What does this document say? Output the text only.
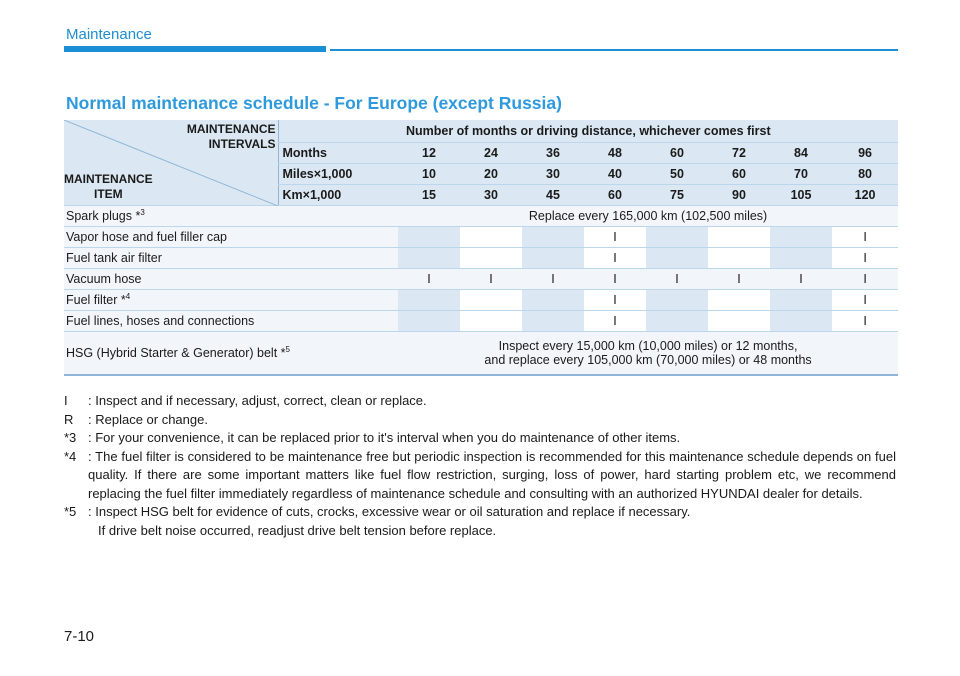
Maintenance
Normal maintenance schedule - For Europe (except Russia)
MAINTENANCE
INTERVALS
MAINTENANCE
ITEM	Number of months or driving distance, whichever comes first								
	Months	12	24	36	48	60	72	84	96
	Miles×1,000	10	20	30	40	50	60	70	80
	Km×1,000	15	30	45	60	75	90	105	120
Spark plugs *$^3$		Replace every 165,000 km (102,500 miles)							
Vapor hose and fuel filler cap					I				I
Fuel tank air filter					I				I
Vacuum hose		I	I	I	I	I	I	I	I
Fuel filter *$^4$					I				I
Fuel lines, hoses and connections					I				I
HSG (Hybrid Starter & Generator) belt *$^5$		Inspect every 15,000 km (10,000 miles) or 12 months,
and replace every 105,000 km (70,000 miles) or 48 months							
I	: Inspect and if necessary, adjust, correct, clean or replace.
R	: Replace or change.
*3 : For your convenience, it can be replaced prior to it's interval when you do maintenance of other items.
*4 : The fuel filter is considered to be maintenance free but periodic inspection is recommended for this maintenance schedule depends on fuel quality. If there are some important matters like fuel flow restriction, surging, loss of power, hard starting problem etc, we recommend replacing the fuel filter immediately regardless of maintenance schedule and consulting with an authorized HYUNDAI dealer for details.
*5 : Inspect HSG belt for evidence of cuts, crocks, excessive wear or oil saturation and replace if necessary.
If drive belt noise occurred, readjust drive belt tension before replace.
7-10
